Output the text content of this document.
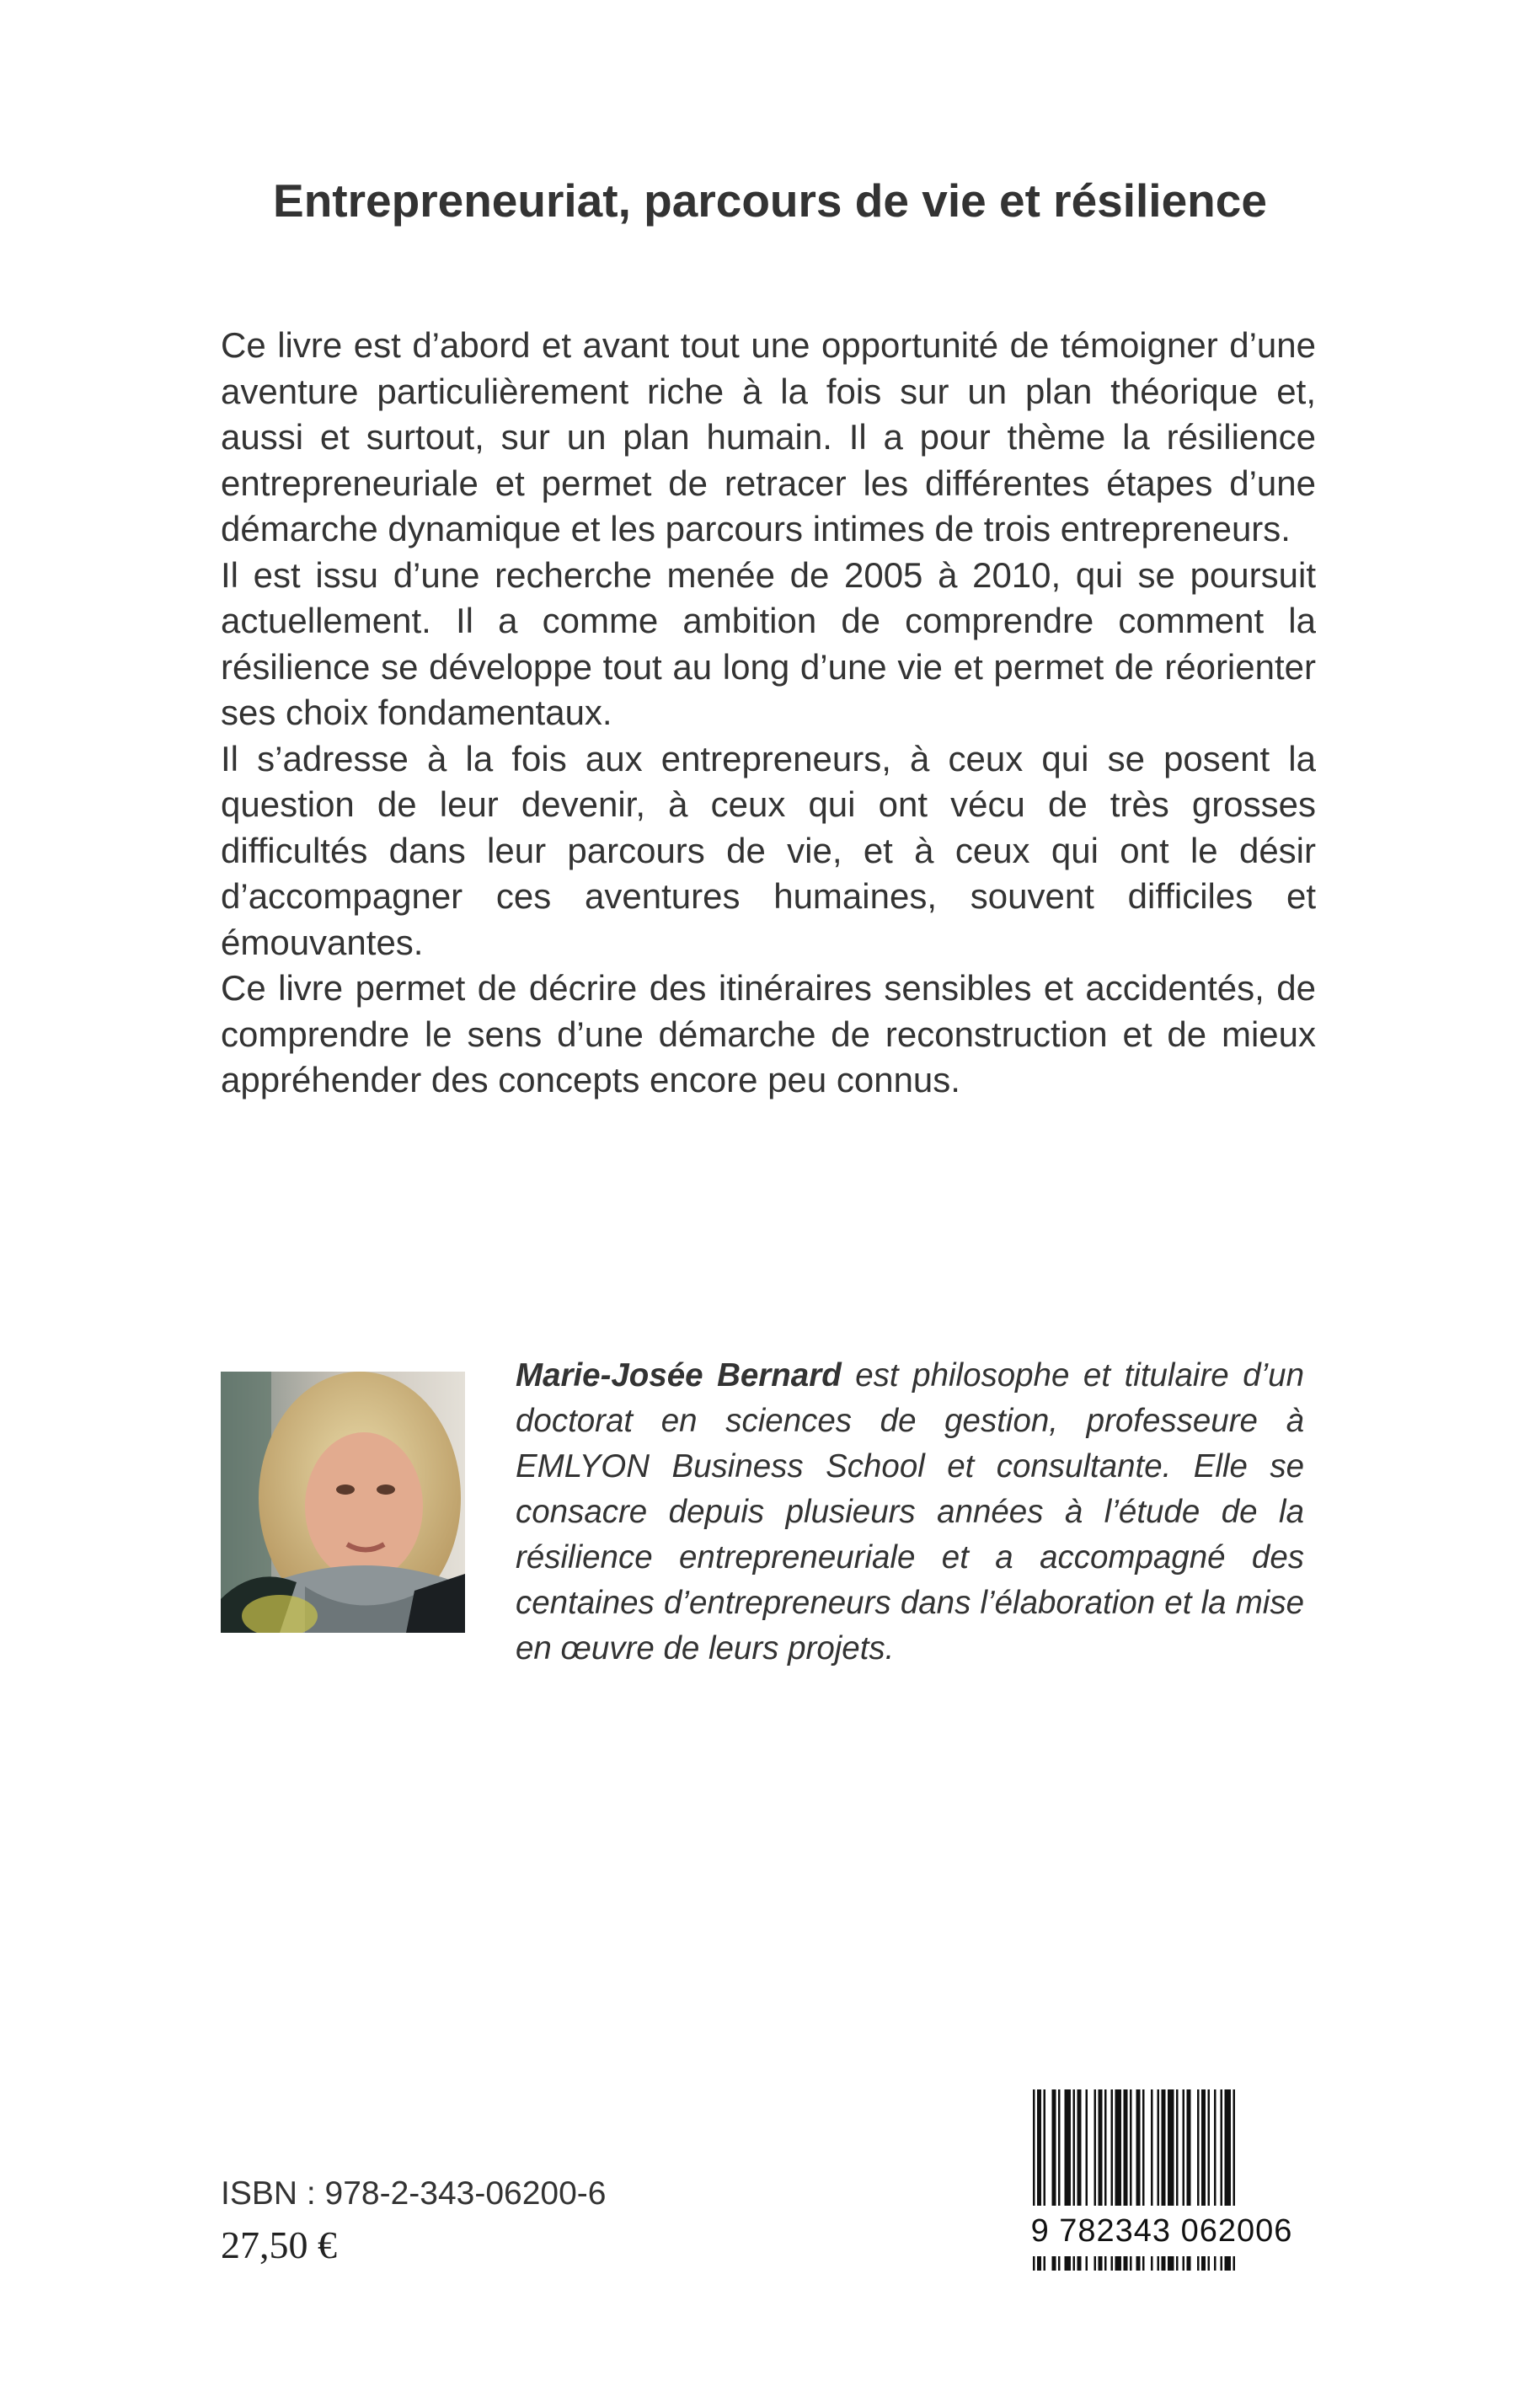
Entrepreneuriat, parcours de vie et résilience

Ce livre est d’abord et avant tout une opportunité de témoigner d’une aventure particulièrement riche à la fois sur un plan théorique et, aussi et surtout, sur un plan humain. Il a pour thème la résilience entrepreneuriale et permet de retracer les différentes étapes d’une démarche dynamique et les parcours intimes de trois entrepreneurs.

Il est issu d’une recherche menée de 2005 à 2010, qui se poursuit actuellement. Il a comme ambition de comprendre comment la résilience se développe tout au long d’une vie et permet de réorienter ses choix fondamentaux.

Il s’adresse à la fois aux entrepreneurs, à ceux qui se posent la question de leur devenir, à ceux qui ont vécu de très grosses difficultés dans leur parcours de vie, et à ceux qui ont le désir d’accompagner ces aventures humaines, souvent difficiles et émouvantes.

Ce livre permet de décrire des itinéraires sensibles et accidentés, de comprendre le sens d’une démarche de reconstruction et de mieux appréhender des concepts encore peu connus.

Marie-Josée Bernard est philosophe et titulaire d’un doctorat en sciences de gestion, professeure à EMLYON Business School et consultante. Elle se consacre depuis plusieurs années à l’étude de la résilience entrepreneuriale et a accompagné des centaines d’entrepreneurs dans l’élaboration et la mise en œuvre de leurs projets.

ISBN : 978-2-343-06200-6

27,50 €	9 782343 062006
